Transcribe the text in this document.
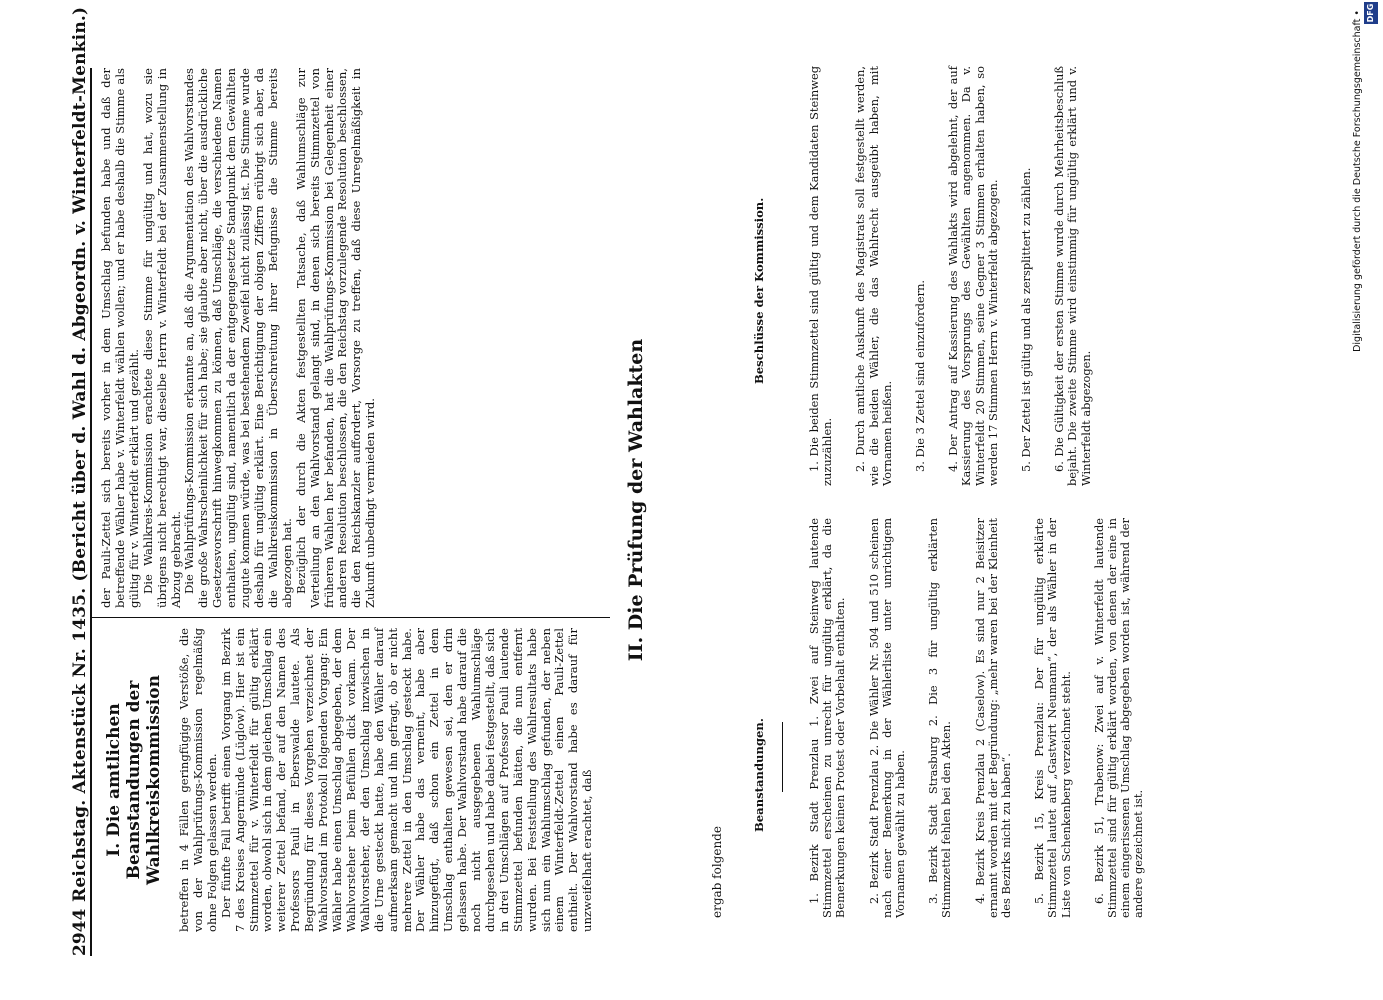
2944
Reichstag. Aktenstück Nr. 1435. (Bericht über d. Wahl d. Abgeordn. v. Winterfeldt-Menkin.) I. Die amtlichen Beanstandungen der Wahlkreiskommission betreffen in 4 Fällen geringfügige Verstöße, die von der Wahlprüfungs-Kommission regelmäßig ohne Folgen gelassen werden. Der fünfte Fall betrifft einen Vorgang im Bezirk 7 des Kreises Angermünde (Lüglow). Hier ist ein Stimmzettel für v. Winterfeldt für gültig erklärt worden, obwohl sich in dem gleichen Umschlag ein weiterer Zettel befand, der auf den Namen des Professors Pauli in Eberswalde lautete. Als Begründung für dieses Vorgehen verzeichnet der Wahlvorstand im Protokoll folgenden Vorgang: Ein Wähler habe einen Umschlag abgegeben, der dem Wahlvorsteher beim Befühlen dick vorkam. Der Wahlvorsteher, der den Umschlag inzwischen in die Urne gesteckt hatte, habe den Wähler darauf aufmerksam gemacht und ihn gefragt, ob er nicht mehrere Zettel in den Umschlag gesteckt habe. Der Wähler habe das verneint, habe aber hinzugefügt, daß schon ein Zettel in dem Umschlag enthalten gewesen sei, den er drin gelassen habe. Der Wahlvorstand habe darauf die noch nicht ausgegebenen Wahlumschläge durchgesehen und habe dabei festgestellt, daß sich in drei Umschlägen auf Professor Pauli lautende Stimmzettel befunden hätten, die nun entfernt wurden. Bei Feststellung des Wahlresultats habe sich nun ein Wahlumschlag gefunden, der neben einem Winterfeldt-Zettel einen Pauli-Zettel enthielt. Der Wahlvorstand habe es darauf für unzweifelhaft erachtet, daß

der Pauli-Zettel sich bereits vorher in dem Umschlag befunden habe und daß der betreffende Wähler habe v. Winterfeldt wählen wollen; und er habe deshalb die Stimme als gültig für v. Winterfeldt erklärt und gezählt. Die Wahlkreis-Kommission erachtete diese Stimme für ungültig und hat, wozu sie übrigens nicht berechtigt war, dieselbe Herrn v. Winterfeldt bei der Zusammenstellung in Abzug gebracht. Die Wahlprüfungs-Kommission erkannte an, daß die Argumentation des Wahlvorstandes die große Wahrscheinlichkeit für sich habe; sie glaubte aber nicht, über die ausdrückliche Gesetzesvorschrift hinwegkommen zu können, daß Umschläge, die verschiedene Namen enthalten, ungültig sind, namentlich da der entgegengesetzte Standpunkt dem Gewählten zugute kommen würde, was bei bestehendem Zweifel nicht zulässig ist. Die Stimme wurde deshalb für ungültig erklärt. Eine Berichtigung der obigen Ziffern erübrigt sich aber, da die Wahlkreiskommission in Überschreitung ihrer Befugnisse die Stimme bereits abgezogen hat. Bezüglich der durch die Akten festgestellten Tatsache, daß Wahlumschläge zur Verteilung an den Wahlvorstand gelangt sind, in denen sich bereits Stimmzettel von früheren Wahlen her befanden, hat die Wahlprüfungs-Kommission bei Gelegenheit einer anderen Resolution beschlossen, die den Reichstag vorzulegende Resolution beschlossen, die den Reichskanzler auffordert, Vorsorge zu treffen, daß diese Unregelmäßigkeit in Zukunft unbedingt vermieden wird.	II. Die Prüfung der Wahlakten
ergab folgende
Beanstandungen.
Beschlüsse der Kommission.
1. Bezirk Stadt Prenzlau 1. Zwei auf Steinweg lautende Stimmzettel erscheinen zu unrecht für ungültig erklärt, da die Bemerkungen keinen Protest oder Vorbehalt enthalten. 2. Bezirk Stadt Prenzlau 2. Die Wähler Nr. 504 und 510 scheinen nach einer Bemerkung in der Wählerliste unter unrichtigem Vornamen gewählt zu haben. 3. Bezirk Stadt Strasburg 2. Die 3 für ungültig erklärten Stimmzettel fehlen bei den Akten. 4. Bezirk Kreis Prenzlau 2 (Caselow). Es sind nur 2 Beisitzer ernannt worden mit der Begründung: „mehr waren bei der Kleinheit des Bezirks nicht zu haben“. 5. Bezirk 15, Kreis Prenzlau: Der für ungültig erklärte Stimmzettel lautet auf „Gastwirt Neumann“, der als Wähler in der Liste von Schenkenberg verzeichnet steht. 6. Bezirk 51, Trabenow: Zwei auf v. Winterfeldt lautende Stimmzettel sind für gültig erklärt worden, von denen der eine in einem eingerissenen Umschlag abgegeben worden ist, während der andere gezeichnet ist.
1. Die beiden Stimmzettel sind gültig und dem Kandidaten Steinweg zuzuzählen. 2. Durch amtliche Auskunft des Magistrats soll festgestellt werden, wie die beiden Wähler, die das Wahlrecht ausgeübt haben, mit Vornamen heißen. 3. Die 3 Zettel sind einzufordern. 4. Der Antrag auf Kassierung des Wahlakts wird abgelehnt, der auf Kassierung des Vorsprungs des Gewählten angenommen. Da v. Winterfeldt 20 Stimmen, seine Gegner 3 Stimmen erhalten haben, so werden 17 Stimmen Herrn v. Winterfeldt abgezogen. 5. Der Zettel ist gültig und als zersplittert zu zählen. 6. Die Gültigkeit der ersten Stimme wurde durch Mehrheitsbeschluß bejaht. Die zweite Stimme wird einstimmig für ungültig erklärt und v. Winterfeldt abgezogen.
Digitalisierung gefördert durch die Deutsche Forschungsgemeinschaft • DFG
